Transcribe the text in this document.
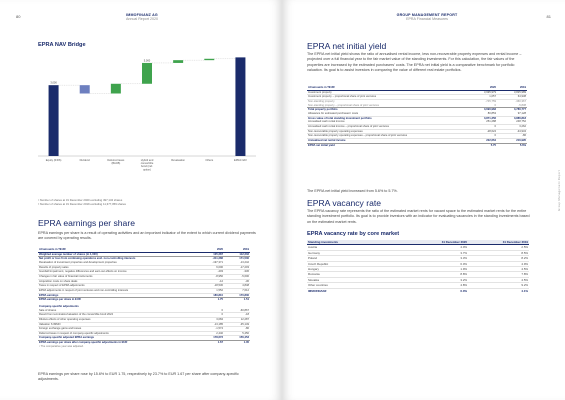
80	IMMOFINANZ AG
Annual Report 2020
EPRA NAV Bridge
3,000
Equity (IFRS)	Dividend	Deferred taxes (BACB)
5,000
Hybrid and convertible bond (incl. option)
Revaluation	Others	EPRA NAV
¹ Number of shares at 31 December 2020 excluding 497,134 shares
² Number of shares at 31 December 2019 excluding 11,377,059 shares
EPRA earnings per share
EPRA earnings per share is a result of operating activities and an important indicator of the extent to which current dividend payments are covered by operating results.
All amounts in TEUR	2020	2019
Weighted average number of shares (in 1,000)	105,287	112,232
Net profit or loss from continuing operations excl. non-controlling interests	-311,286	171,530
Revaluation of investment properties and development properties	-197,371	-13,242
Results of property sales	6,000	-17,203
Goodwill impairment, negative differences and earn-out effects on income	-403	-336
Changes in fair value of financial instruments	-8,950	-5,600
Acquisition costs on share deals	-12	-30
Taxes in respect of EPRA adjustments	-18,530	4,848
EPRA adjustments in respect of joint ventures and non-controlling interests	1,552	7,612
EPRA earnings	180,810	170,830
EPRA earnings per share in EUR	1.75	1.51

Company-specific adjustments		
Sale of shares	0	-60,867
Result from termination/valuation of the convertible bond 2024	0	-18
Dilutive effects of other operating expenses	3,084	12,287
Valuation S IMMO	-13,185	-35,149
Foreign exchange gains and losses	-1,574	-80
Deferred taxes in respect of company-specific adjustments	2,440	5,450
Company-specific adjusted EPRA earnings	178,672	156,453
EPRA earnings per share after company-specific adjustments in EUR	1.67	1.35
¹ The comparative year was adjusted.		
EPRA earnings per share rose by 15.6% to EUR 1.75, respectively by 23.7% to EUR 1.67 per share after company-specific adjustments.
GROUP MANAGEMENT REPORT
EPRA Financial Measures
81
EPRA net initial yield
The EPRA net initial yield shows the ratio of annualised rental income, less non-recoverable property expenses and rental income – projected over a full financial year to the fair market value of the standing investments. For this calculation, the fair values of the properties are increased by the estimated purchasers' costs. The EPRA net initial yield is a comparative benchmark for portfolio valuation. Its goal is to assist investors in comparing the value of different real estate portfolios.
All amounts in TEUR	2020	2019
Investment property	3,995,979	3,825,989
Investment property – proportional share of joint ventures	1,057	64,938
Non-standing property	-745,759	-360,367
Non-standing property – proportional share of joint ventures	0	-5,838
Total property portfolio	3,690,983	3,780,777
Allowance for estimated purchasers' costs	80,853	97,128
Gross value of total standing investment portfolio	3,871,356	3,886,818
Annualised cash rental income	251,288	248,752
Annualised cash rental income – proportional share of joint ventures	0	3,262
Non-recoverable property operating expenses	-28,624	-34,934
Non-recoverable property operating expenses – proportional share of joint ventures	0	-86
Annualised net rental income	222,664	216,995
EPRA net initial yield	5.75	5.6%
The EPRA net initial yield increased from 5.6% to 5.7%.
EPRA vacancy rate
The EPRA vacancy rate represents the ratio of the estimated market rents for vacant space to the estimated market rents for the entire standing investment portfolio. Its goal is to provide investors with an indicator for evaluating vacancies in the standing investments based on the estimated market rents.
EPRA vacancy rate by core market
Standing investments	31 December 2020	31 December 2019
Austria	4.0%	2.5%
Germany	3.7%	8.5%
Poland	3.3%	8.2%
Czech Republic	6.0%	4.9%
Hungary	1.9%	4.5%
Romania	8.8%	7.8%
Slovakia	3.2%	4.5%
Other countries	4.8%	9.2%
IMMOFINANZ	6.0%	4.1%
Group Management Report
